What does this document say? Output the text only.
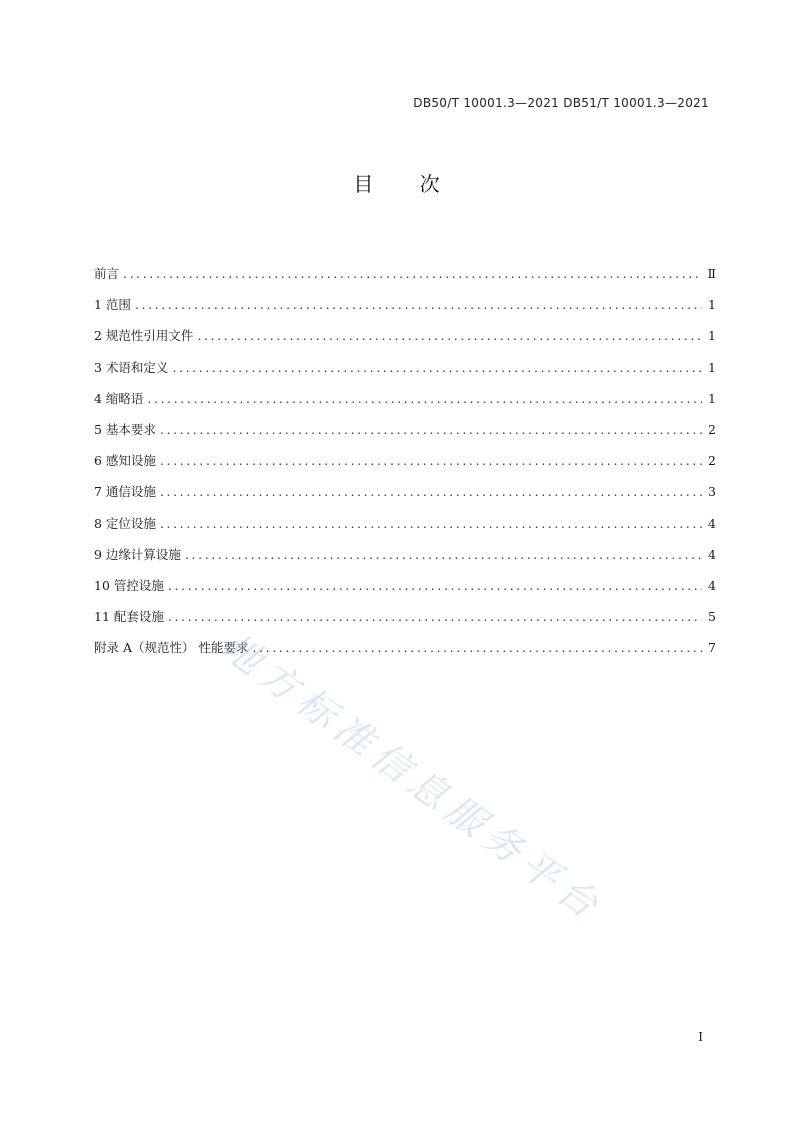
DB50/T 10001.3—2021 DB51/T 10001.3—2021
目 次
前言 .....	Ⅱ
1 范围 .....	1
2 规范性引用文件 .....	1
3 术语和定义 .....	1
4 缩略语 .....	1
5 基本要求 .....	2
6 感知设施 .....	2
7 通信设施 .....	3
8 定位设施 .....	4
9 边缘计算设施 .....	4
10 管控设施 .....	4
11 配套设施 .....	5
附录 A（规范性） 性能要求 .....	7
地方标准信息服务平台
I
